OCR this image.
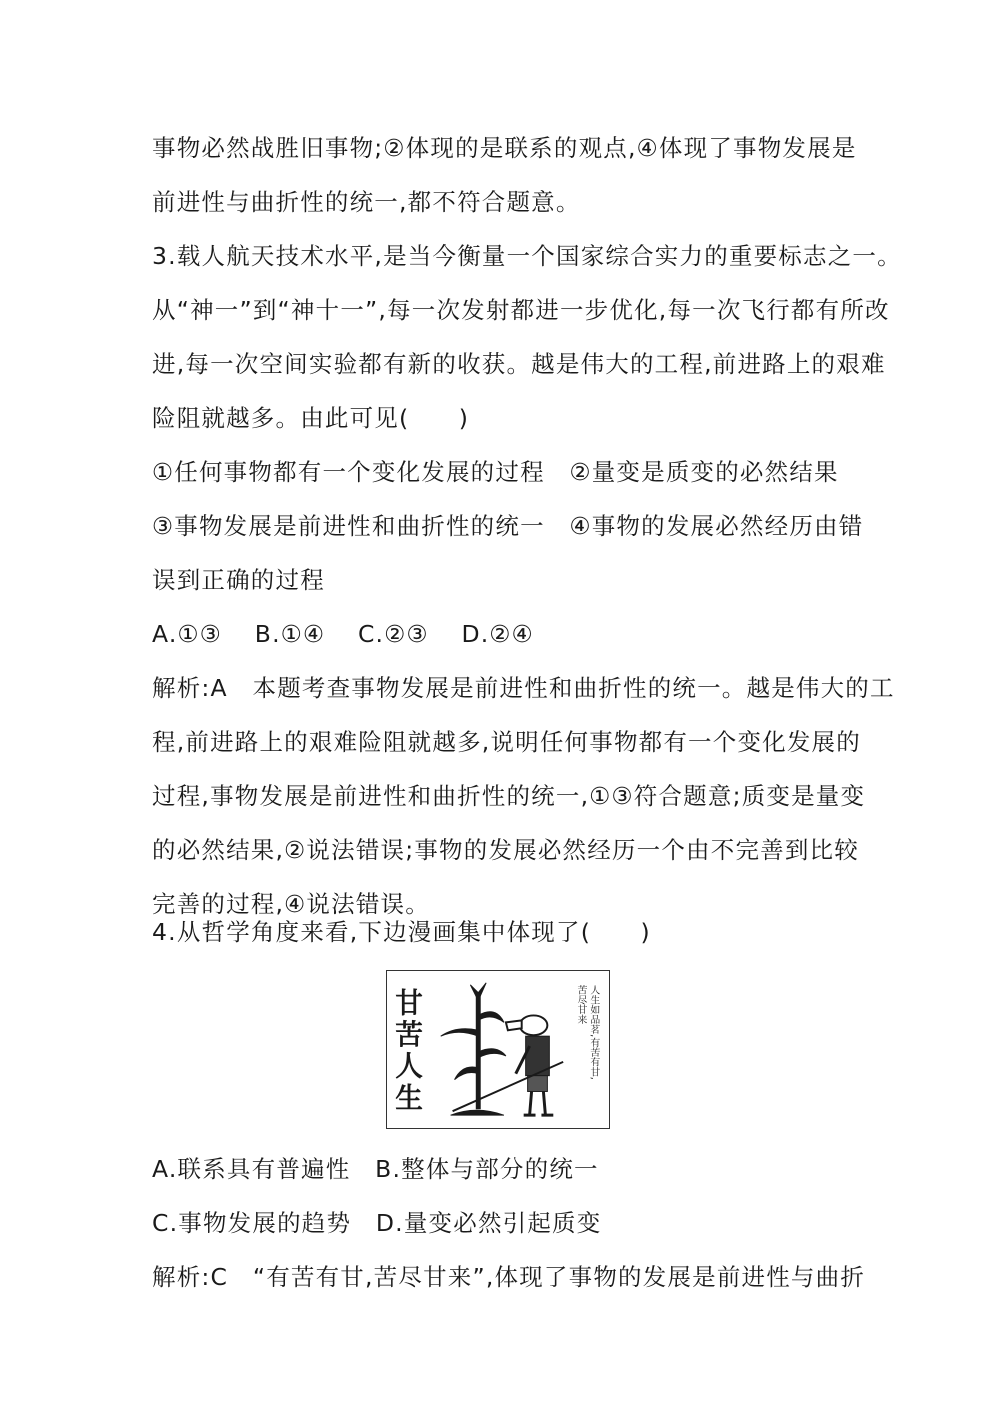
事物必然战胜旧事物;②体现的是联系的观点,④体现了事物发展是
前进性与曲折性的统一,都不符合题意。
3.载人航天技术水平,是当今衡量一个国家综合实力的重要标志之一。
从“神一”到“神十一”,每一次发射都进一步优化,每一次飞行都有所改
进,每一次空间实验都有新的收获。越是伟大的工程,前进路上的艰难
险阻就越多。由此可见(　　)
①任何事物都有一个变化发展的过程　②量变是质变的必然结果
③事物发展是前进性和曲折性的统一　④事物的发展必然经历由错
误到正确的过程
A.①③ B.①④ C.②③ D.②④
解析:A　本题考查事物发展是前进性和曲折性的统一。越是伟大的工
程,前进路上的艰难险阻就越多,说明任何事物都有一个变化发展的
过程,事物发展是前进性和曲折性的统一,①③符合题意;质变是量变
的必然结果,②说法错误;事物的发展必然经历一个由不完善到比较
完善的过程,④说法错误。
4.从哲学角度来看,下边漫画集中体现了(　　)
A.联系具有普遍性　B.整体与部分的统一
C.事物发展的趋势　D.量变必然引起质变
解析:C　“有苦有甘,苦尽甘来”,体现了事物的发展是前进性与曲折
甘
苦
人
生
人生如品茗,有苦有甘,
苦尽甘来
